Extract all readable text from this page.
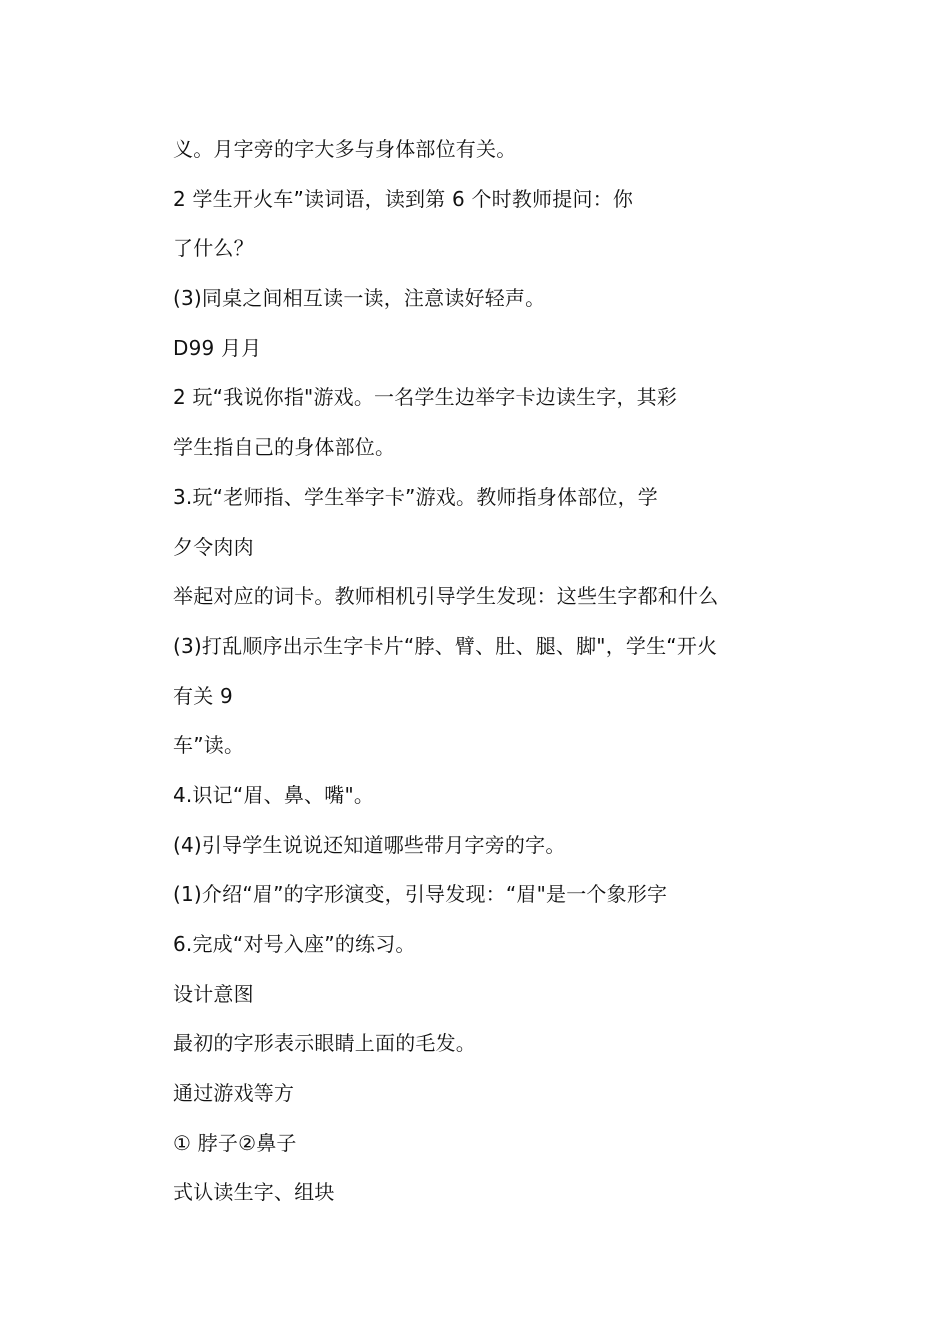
义。月字旁的字大多与身体部位有关。
2 学生开火车”读词语，读到第 6 个时教师提问：你
了什么？
(3)同桌之间相互读一读，注意读好轻声。
D99 月月
2 玩“我说你指"游戏。一名学生边举字卡边读生字，其彩
学生指自己的身体部位。
3.玩“老师指、学生举字卡”游戏。教师指身体部位，学
夕令肉肉
举起对应的词卡。教师相机引导学生发现：这些生字都和什么
(3)打乱顺序出示生字卡片“脖、臂、肚、腿、脚"，学生“开火
有关 9
车”读。
4.识记“眉、鼻、嘴"。
(4)引导学生说说还知道哪些带月字旁的字。
(1)介绍“眉”的字形演变，引导发现：“眉"是一个象形字
6.完成“对号入座”的练习。
设计意图
最初的字形表示眼睛上面的毛发。
通过游戏等方
① 脖子②鼻子
式认读生字、组块
